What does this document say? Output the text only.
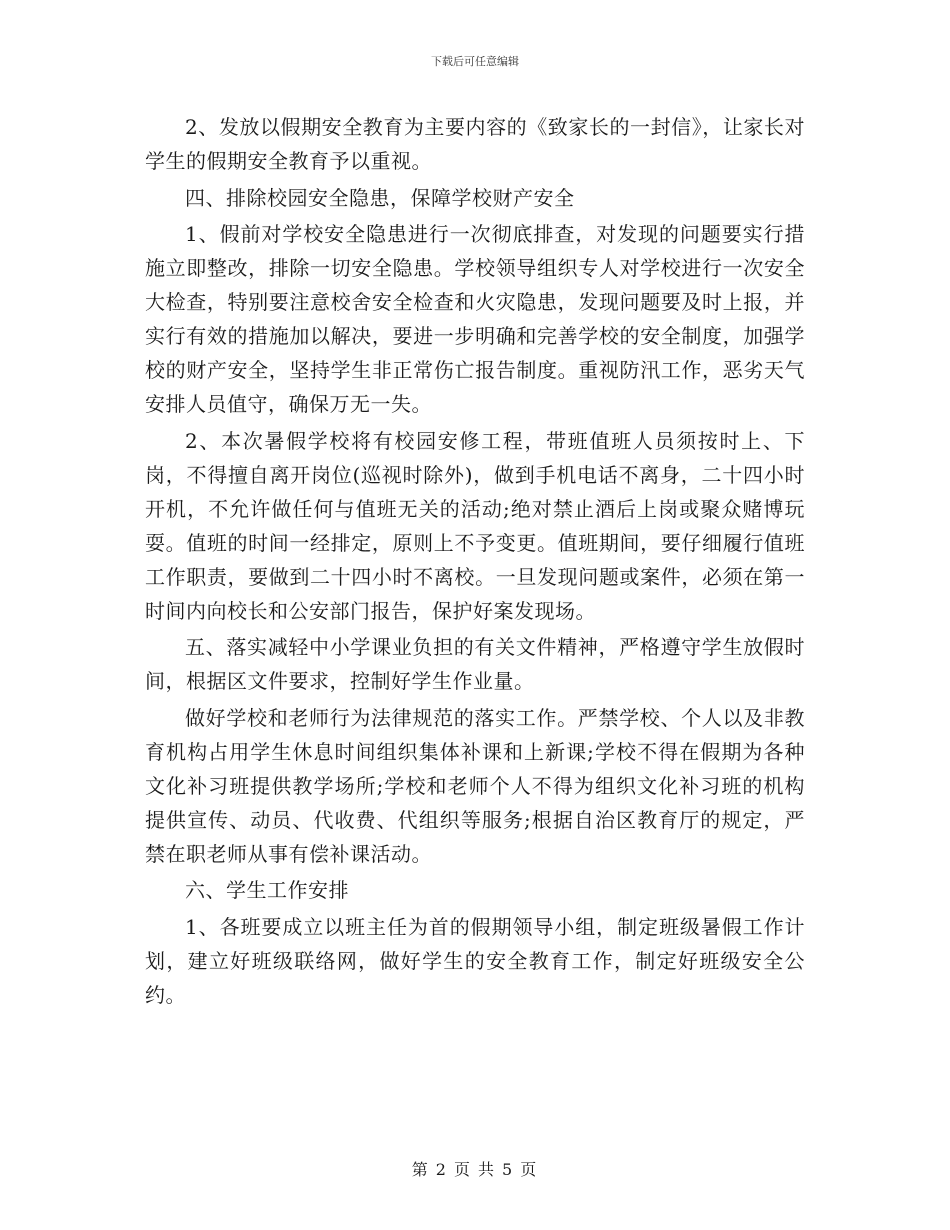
下载后可任意编辑

2、发放以假期安全教育为主要内容的《致家长的一封信》，让家长对学生的假期安全教育予以重视。

四、排除校园安全隐患，保障学校财产安全

1、假前对学校安全隐患进行一次彻底排查，对发现的问题要实行措施立即整改，排除一切安全隐患。学校领导组织专人对学校进行一次安全大检查，特别要注意校舍安全检查和火灾隐患，发现问题要及时上报，并实行有效的措施加以解决，要进一步明确和完善学校的安全制度，加强学校的财产安全，坚持学生非正常伤亡报告制度。重视防汛工作，恶劣天气安排人员值守，确保万无一失。

2、本次暑假学校将有校园安修工程，带班值班人员须按时上、下岗，不得擅自离开岗位(巡视时除外)，做到手机电话不离身，二十四小时开机，不允许做任何与值班无关的活动;绝对禁止酒后上岗或聚众赌博玩耍。值班的时间一经排定，原则上不予变更。值班期间，要仔细履行值班工作职责，要做到二十四小时不离校。一旦发现问题或案件，必须在第一时间内向校长和公安部门报告，保护好案发现场。

五、落实减轻中小学课业负担的有关文件精神，严格遵守学生放假时间，根据区文件要求，控制好学生作业量。

做好学校和老师行为法律规范的落实工作。严禁学校、个人以及非教育机构占用学生休息时间组织集体补课和上新课;学校不得在假期为各种文化补习班提供教学场所;学校和老师个人不得为组织文化补习班的机构提供宣传、动员、代收费、代组织等服务;根据自治区教育厅的规定，严禁在职老师从事有偿补课活动。

六、学生工作安排

1、各班要成立以班主任为首的假期领导小组，制定班级暑假工作计划，建立好班级联络网，做好学生的安全教育工作，制定好班级安全公约。

第 2 页 共 5 页
